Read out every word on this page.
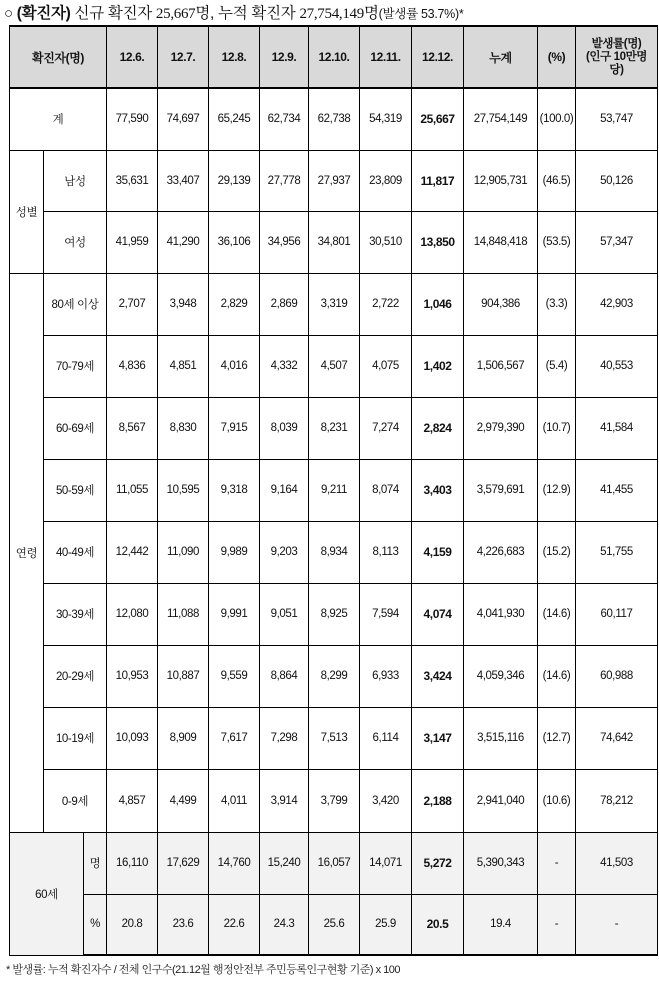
○ (확진자) 신규 확진자 25,667명, 누적 확진자 27,754,149명(발생률 53.7%)*
확진자(명)			12.6.	12.7.	12.8.	12.9.	12.10.	12.11.	12.12.	누계	(%)	발생률(명)
(인구 10만명
당)

계			77,590	74,697	65,245	62,734	62,738	54,319	25,667	27,754,149	(100.0)	53,747
성별	남성		35,631	33,407	29,139	27,778	27,937	23,809	11,817	12,905,731	(46.5)	50,126
	여성		41,959	41,290	36,106	34,956	34,801	30,510	13,850	14,848,418	(53.5)	57,347
연령	80세 이상		2,707	3,948	2,829	2,869	3,319	2,722	1,046	904,386	(3.3)	42,903
	70-79세		4,836	4,851	4,016	4,332	4,507	4,075	1,402	1,506,567	(5.4)	40,553
	60-69세		8,567	8,830	7,915	8,039	8,231	7,274	2,824	2,979,390	(10.7)	41,584
	50-59세		11,055	10,595	9,318	9,164	9,211	8,074	3,403	3,579,691	(12.9)	41,455
	40-49세		12,442	11,090	9,989	9,203	8,934	8,113	4,159	4,226,683	(15.2)	51,755
	30-39세		12,080	11,088	9,991	9,051	8,925	7,594	4,074	4,041,930	(14.6)	60,117
	20-29세		10,953	10,887	9,559	8,864	8,299	6,933	3,424	4,059,346	(14.6)	60,988
	10-19세		10,093	8,909	7,617	7,298	7,513	6,114	3,147	3,515,116	(12.7)	74,642
	0-9세		4,857	4,499	4,011	3,914	3,799	3,420	2,188	2,941,040	(10.6)	78,212
60세		명	16,110	17,629	14,760	15,240	16,057	14,071	5,272	5,390,343	-	41,503
		%	20.8	23.6	22.6	24.3	25.6	25.9	20.5	19.4	-	-
* 발생률: 누적 확진자수 / 전체 인구수(21.12월 행정안전부 주민등록인구현황 기준) x 100
